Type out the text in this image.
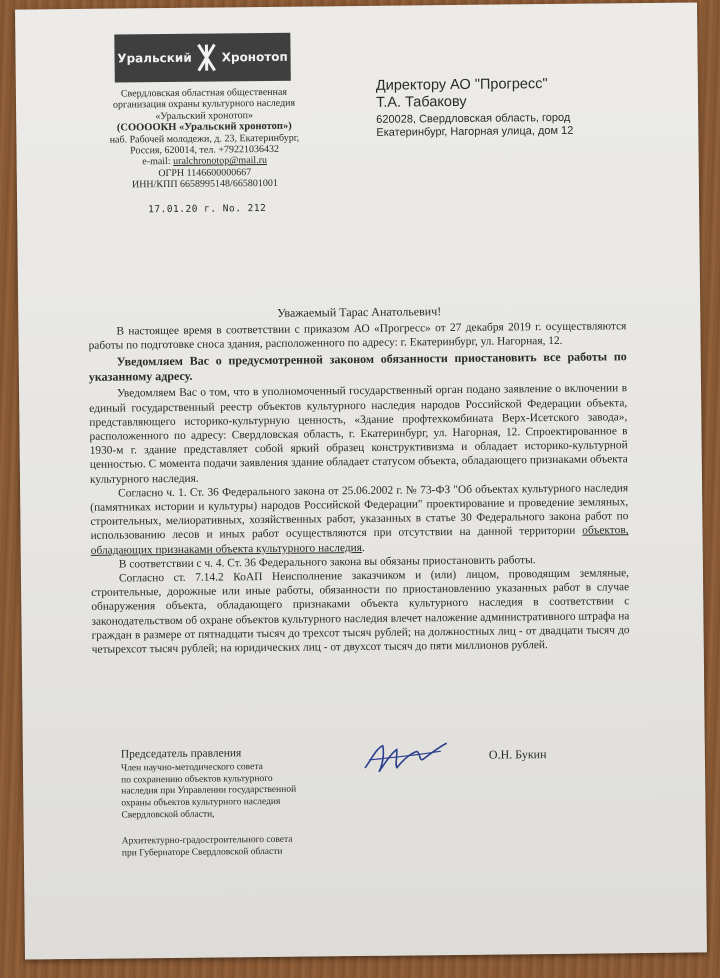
Уральский Хронотоп
Свердловская областная общественная
организация охраны культурного наследия
«Уральский хронотоп»
(СОООOКН «Уральский хронотоп»)
наб. Рабочей молодежи, д. 23, Екатеринбург,
Россия, 620014, тел. +79221036432
e-mail: uralchronotop@mail.ru
ОГРН 1146600000667
ИНН/КПП 6658995148/665801001
17.01.20 г. No. 212
Директору АО "Прогресс"
Т.А. Табакову
620028, Свердловская область, город
Екатеринбург, Нагорная улица, дом 12
Уважаемый Тарас Анатольевич!

В настоящее время в соответствии с приказом АО «Прогресс» от 27 декабря 2019 г. осуществляются работы по подготовке сноса здания, расположенного по адресу: г. Екатеринбург, ул. Нагорная, 12.

Уведомляем Вас о предусмотренной законом обязанности приостановить все работы по указанному адресу.

Уведомляем Вас о том, что в уполномоченный государственный орган подано заявление о включении в единый государственный реестр объектов культурного наследия народов Российской Федерации объекта, представляющего историко-культурную ценность, «Здание профтехкомбината Верх-Исетского завода», расположенного по адресу: Свердловская область, г. Екатеринбург, ул. Нагорная, 12. Спроектированное в 1930-м г. здание представляет собой яркий образец конструктивизма и обладает историко-культурной ценностью. С момента подачи заявления здание обладает статусом объекта, обладающего признаками объекта культурного наследия.

Согласно ч. 1. Ст. 36 Федерального закона от 25.06.2002 г. № 73-ФЗ "Об объектах культурного наследия (памятниках истории и культуры) народов Российской Федерации" проектирование и проведение земляных, строительных, мелиоративных, хозяйственных работ, указанных в статье 30 Федерального закона работ по использованию лесов и иных работ осуществляются при отсутствии на данной территории объектов, обладающих признаками объекта культурного наследия.

В соответствии с ч. 4. Ст. 36 Федерального закона вы обязаны приостановить работы.

Согласно ст. 7.14.2 КоАП Неисполнение заказчиком и (или) лицом, проводящим земляные, строительные, дорожные или иные работы, обязанности по приостановлению указанных работ в случае обнаружения объекта, обладающего признаками объекта культурного наследия в соответствии с законодательством об охране объектов культурного наследия влечет наложение административного штрафа на граждан в размере от пятнадцати тысяч до трехсот тысяч рублей; на должностных лиц - от двадцати тысяч до четырехсот тысяч рублей; на юридических лиц - от двухсот тысяч до пяти миллионов рублей.

Председатель правления
Член научно-методического совета
по сохранению объектов культурного
наследия при Управлении государственной
охраны объектов культурного наследия
Свердловской области,
Архитектурно-градостроительного совета
при Губернаторе Свердловской области
О.Н. Букин
